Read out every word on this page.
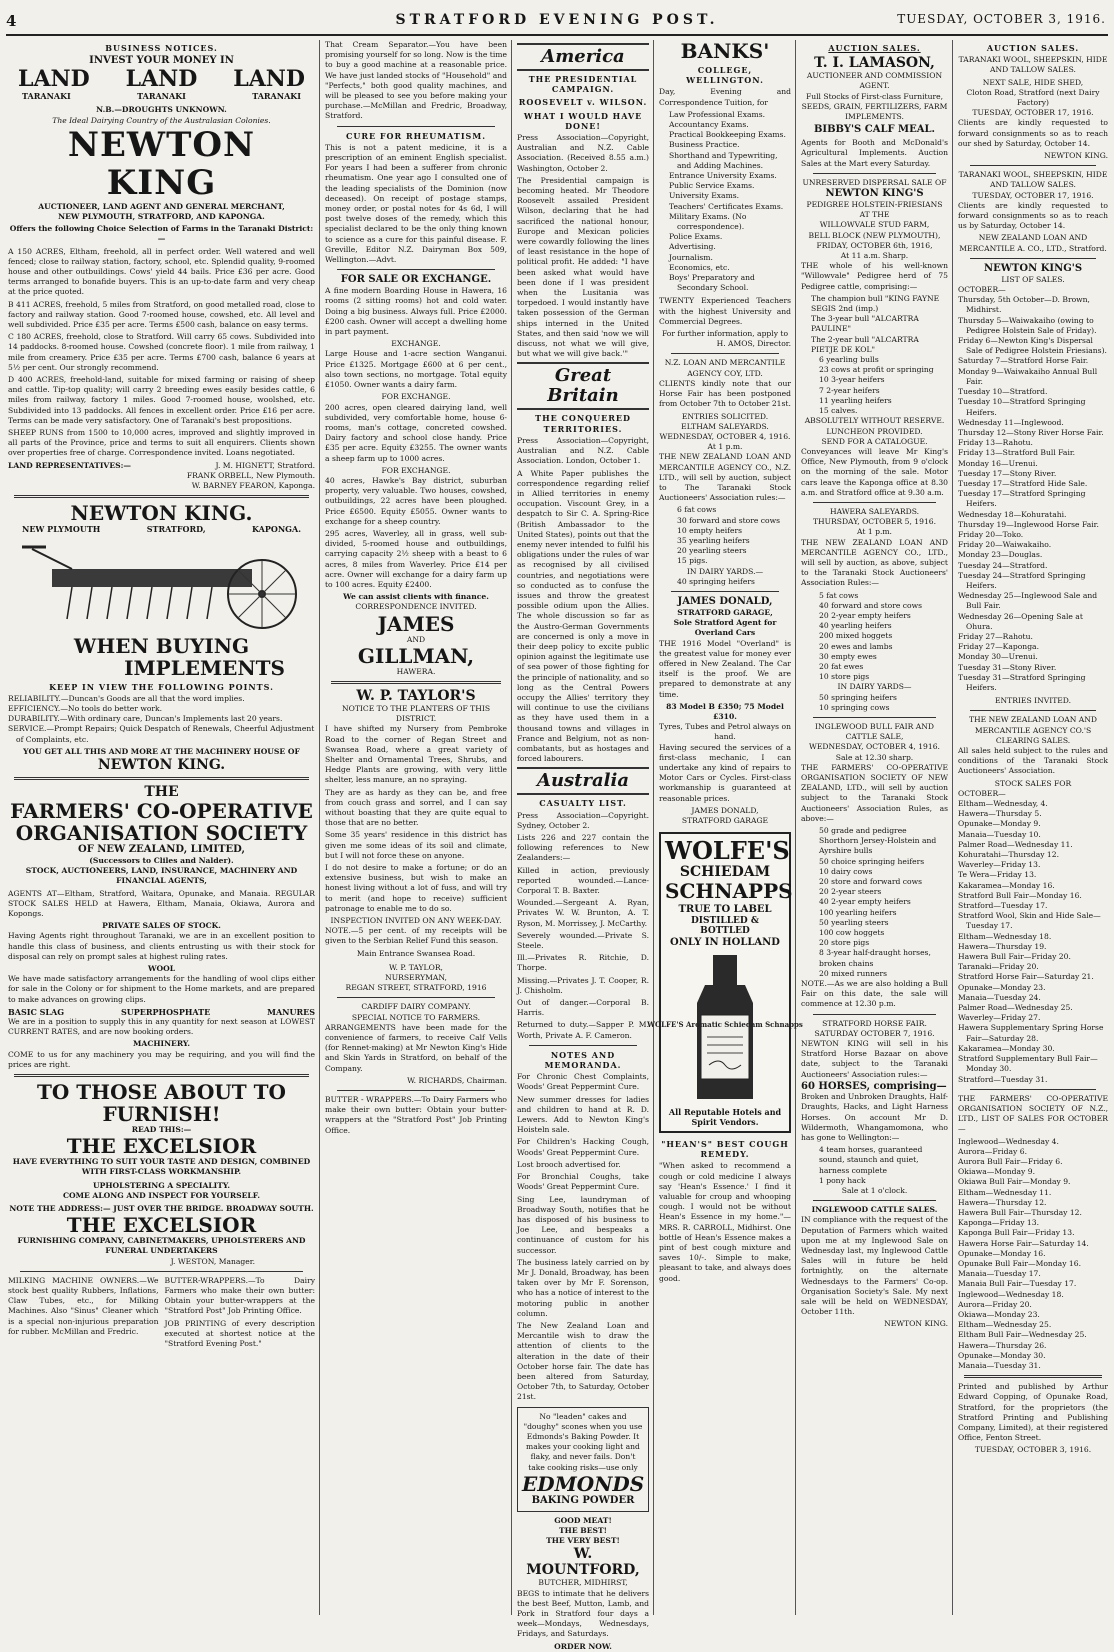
4	STRATFORD EVENING POST.	TUESDAY, OCTOBER 3, 1916.
BUSINESS NOTICES.
INVEST YOUR MONEY IN
LAND LAND LAND
TARANAKI	TARANAKI	TARANAKI
N.B.—DROUGHTS UNKNOWN.
The Ideal Dairying Country of the Australasian Colonies.
NEWTON KING
AUCTIONEER, LAND AGENT AND GENERAL MERCHANT,
NEW PLYMOUTH, STRATFORD, AND KAPONGA.
Offers the following Choice Selection of Farms in the Taranaki District:—
A 150 ACRES, Eltham, freehold, all in perfect order. Well watered and well fenced; close to railway station, factory, school, etc. Splendid quality, 9-roomed house and other outbuildings. Cows' yield 44 bails. Price £36 per acre. Good terms arranged to bonafide buyers. This is an up-to-date farm and very cheap at the price quoted.
B 411 ACRES, freehold, 5 miles from Stratford, on good metalled road, close to factory and railway station. Good 7-roomed house, cowshed, etc. All level and well subdivided. Price £35 per acre. Terms £500 cash, balance on easy terms.
C 180 ACRES, freehold, close to Stratford. Will carry 65 cows. Subdivided into 14 paddocks. 8-roomed house. Cowshed (concrete floor). 1 mile from railway, 1 mile from creamery. Price £35 per acre. Terms £700 cash, balance 6 years at 5½ per cent. Our strongly recommend.
D 400 ACRES, freehold-land, suitable for mixed farming or raising of sheep and cattle. Tip-top quality; will carry 2 breeding ewes easily besides cattle, 6 miles from railway, factory 1 miles. Good 7-roomed house, woolshed, etc. Subdivided into 13 paddocks. All fences in excellent order. Price £16 per acre. Terms can be made very satisfactory. One of Taranaki's best propositions.
SHEEP RUNS from 1500 to 10,000 acres, improved and slightly improved in all parts of the Province, price and terms to suit all enquirers. Clients shown over properties free of charge. Correspondence invited. Loans negotiated.
LAND REPRESENTATIVES:—	J. M. HIGNETT, Stratford.
FRANK ORBELL, New Plymouth.
W. BARNEY FEARON, Kaponga.
NEWTON KING.
NEW PLYMOUTH	STRATFORD,	KAPONGA.
WHEN BUYING
IMPLEMENTS
KEEP IN VIEW THE FOLLOWING POINTS.
RELIABILITY.—Duncan's Goods are all that the word implies.
EFFICIENCY.—No tools do better work.
DURABILITY.—With ordinary care, Duncan's Implements last 20 years.
SERVICE.—Prompt Repairs; Quick Despatch of Renewals, Cheerful Adjustment of Complaints, etc.
YOU GET ALL THIS AND MORE AT THE MACHINERY HOUSE OF
NEWTON KING.
THE
FARMERS' CO-OPERATIVE
ORGANISATION SOCIETY
OF NEW ZEALAND, LIMITED,
(Successors to Cliles and Nalder).
STOCK, AUCTIONEERS, LAND, INSURANCE, MACHINERY AND FINANCIAL AGENTS,
AGENTS AT—Eltham, Stratford, Waitara, Opunake, and Manaia. REGULAR STOCK SALES HELD at Hawera, Eltham, Manaia, Okiawa, Aurora and Kopongs.
PRIVATE SALES OF STOCK.
Having Agents right throughout Taranaki, we are in an excellent position to handle this class of business, and clients entrusting us with their stock for disposal can rely on prompt sales at highest ruling rates.
WOOL
We have made satisfactory arrangements for the handling of wool clips either for sale in the Colony or for shipment to the Home markets, and are prepared to make advances on growing clips.
BASIC SLAG	SUPERPHOSPHATE	MANURES
We are in a position to supply this in any quantity for next season at LOWEST CURRENT RATES, and are now booking orders.
MACHINERY.
COME to us for any machinery you may be requiring, and you will find the prices are right.
TO THOSE ABOUT TO
FURNISH!
READ THIS:—
THE EXCELSIOR
HAVE EVERYTHING TO SUIT YOUR TASTE AND DESIGN, COMBINED WITH FIRST-CLASS WORKMANSHIP.
UPHOLSTERING A SPECIALITY.
COME ALONG AND INSPECT FOR YOURSELF.
NOTE THE ADDRESS:— JUST OVER THE BRIDGE. BROADWAY SOUTH.
THE EXCELSIOR
FURNISHING COMPANY, CABINETMAKERS, UPHOLSTERERS AND FUNERAL UNDERTAKERS
J. WESTON, Manager.
MILKING MACHINE OWNERS.—We stock best quality Rubbers, Inflations, Claw Tubes, etc., for Milking Machines. Also "Sinus" Cleaner which is a special non-injurious preparation for rubber. McMillan and Fredric.
BUTTER-WRAPPERS.—To Dairy Farmers who make their own butter: Obtain your butter-wrappers at the "Stratford Post" Job Printing Office.
JOB PRINTING of every description executed at shortest notice at the "Stratford Evening Post."
That Cream Separator.—You have been promising yourself for so long. Now is the time to buy a good machine at a reasonable price. We have just landed stocks of "Household" and "Perfects," both good quality machines, and will be pleased to see you before making your purchase.—McMillan and Fredric, Broadway, Stratford.
CURE FOR RHEUMATISM.
This is not a patent medicine, it is a prescription of an eminent English specialist. For years I had been a sufferer from chronic rheumatism. One year ago I consulted one of the leading specialists of the Dominion (now deceased). On receipt of postage stamps, money order, or postal notes for 4s 6d, I will post twelve doses of the remedy, which this specialist declared to be the only thing known to science as a cure for this painful disease. F. Greville, Editor N.Z. Dairyman Box 509, Wellington.—Advt.
FOR SALE OR EXCHANGE.
A fine modern Boarding House in Hawera, 16 rooms (2 sitting rooms) hot and cold water. Doing a big business. Always full. Price £2000. £200 cash. Owner will accept a dwelling home in part payment.
EXCHANGE.
Large House and 1-acre section Wanganui. Price £1325. Mortgage £600 at 6 per cent., also town sections, no mortgage. Total equity £1050. Owner wants a dairy farm.
FOR EXCHANGE.
200 acres, open cleared dairying land, well subdivided, very comfortable home, house 6-rooms, man's cottage, concreted cowshed. Dairy factory and school close handy. Price £35 per acre. Equity £3255. The owner wants a sheep farm up to 1000 acres.
FOR EXCHANGE.
40 acres, Hawke's Bay district, suburban property, very valuable. Two houses, cowshed, outbuildings, 22 acres have been ploughed. Price £6500. Equity £5055. Owner wants to exchange for a sheep country.
295 acres, Waverley, all in grass, well sub-divided, 5-roomed house and outbuildings, carrying capacity 2½ sheep with a beast to 6 acres, 8 miles from Waverley. Price £14 per acre. Owner will exchange for a dairy farm up to 100 acres. Equity £2400.
We can assist clients with finance.
CORRESPONDENCE INVITED.
JAMES
AND
GILLMAN,
HAWERA.
W. P. TAYLOR'S
NOTICE TO THE PLANTERS OF THIS DISTRICT.
I have shifted my Nursery from Pembroke Road to the corner of Regan Street and Swansea Road, where a great variety of Shelter and Ornamental Trees, Shrubs, and Hedge Plants are growing, with very little shelter, less manure, an no spraying.
They are as hardy as they can be, and free from couch grass and sorrel, and I can say without boasting that they are quite equal to those that are no better.
Some 35 years' residence in this district has given me some ideas of its soil and climate, but I will not force these on anyone.
I do not desire to make a fortune; or do an extensive business, but wish to make an honest living without a lot of fuss, and will try to merit (and hope to receive) sufficient patronage to enable me to do so.
INSPECTION INVITED ON ANY WEEK-DAY.
NOTE.—5 per cent. of my receipts will be given to the Serbian Relief Fund this season.
Main Entrance Swansea Road.
W. P. TAYLOR,
NURSERYMAN,
REGAN STREET, STRATFORD, 1916
CARDIFF DAIRY COMPANY.
SPECIAL NOTICE TO FARMERS.
ARRANGEMENTS have been made for the convenience of farmers, to receive Calf Vells (for Rennet-making) at Mr Newton King's Hide and Skin Yards in Stratford, on behalf of the Company.
W. RICHARDS, Chairman.
BUTTER - WRAPPERS.—To Dairy Farmers who make their own butter: Obtain your butter-wrappers at the "Stratford Post" Job Printing Office.
America
THE PRESIDENTIAL CAMPAIGN.
ROOSEVELT v. WILSON.
WHAT I WOULD HAVE DONE!
Press Association—Copyright, Australian and N.Z. Cable Association. (Received 8.55 a.m.) Washington, October 2.
The Presidential campaign is becoming heated. Mr Theodore Roosevelt assailed President Wilson, declaring that he had sacrificed the national honour, Europe and Mexican policies were cowardly following the lines of least resistance in the hope of political profit. He added: "I have been asked what would have been done if I was president when the Lusitania was torpedoed. I would instantly have taken possession of the German ships interned in the United States, and then said 'now we will discuss, not what we will give, but what we will give back.'"
Great Britain
THE CONQUERED TERRITORIES.
Press Association—Copyright, Australian and N.Z. Cable Association. London, October 1.
A White Paper publishes the correspondence regarding relief in Allied territories in enemy occupation. Viscount Grey, in a despatch to Sir C. A. Spring-Rice (British Ambassador to the United States), points out that the enemy never intended to fulfil his obligations under the rules of war as recognised by all civilised countries, and negotiations were so conducted as to confuse the issues and throw the greatest possible odium upon the Allies. The whole discussion so far as the Austro-German Governments are concerned is only a move in their deep policy to excite public opinion against the legitimate use of sea power of those fighting for the principle of nationality, and so long as the Central Powers occupy the Allies' territory they will continue to use the civilians as they have used them in a thousand towns and villages in France and Belgium, not as non-combatants, but as hostages and forced labourers.
Australia
CASUALTY LIST.
Press Association—Copyright. Sydney, October 2.
Lists 226 and 227 contain the following references to New Zealanders:—
Killed in action, previously reported wounded.—Lance-Corporal T. B. Baxter.
Wounded.—Sergeant A. Ryan, Privates W. W. Brunton, A. T. Ryson, M. Morrissey, J. McCarthy.
Severely wounded.—Private S. Steele.
Ill.—Privates R. Ritchie, D. Thorpe.
Missing.—Privates J. T. Cooper, R. J. Chisholm.
Out of danger.—Corporal B. Harris.
Returned to duty.—Sapper P. M. Worth, Private A. F. Cameron.
NOTES AND MEMORANDA.
For Chronic Chest Complaints, Woods' Great Peppermint Cure.
New summer dresses for ladies and children to hand at R. D. Lewers. Add to Newton King's Hoisteln sale.
For Children's Hacking Cough, Woods' Great Peppermint Cure.
Lost brooch advertised for.
For Bronchial Coughs, take Woods' Great Peppermint Cure.
Sing Lee, laundryman of Broadway South, notifies that he has disposed of his business to Joe Lee, and bespeaks a continuance of custom for his successor.
The business lately carried on by Mr J. Donald, Broadway, has been taken over by Mr F. Sorenson, who has a notice of interest to the motoring public in another column.
The New Zealand Loan and Mercantile wish to draw the attention of clients to the alteration in the date of their October horse fair. The date has been altered from Saturday, October 7th, to Saturday, October 21st.
No "leaden" cakes and "doughy" scones when you use Edmonds's Baking Powder. It makes your cooking light and flaky, and never fails. Don't take cooking risks—use only
EDMONDS
BAKING POWDER
GOOD MEAT!
THE BEST!
THE VERY BEST!
W. MOUNTFORD,
BUTCHER, MIDHIRST,
BEGS to intimate that he delivers the best Beef, Mutton, Lamb, and Pork in Stratford four days a week—Mondays, Wednesdays, Fridays, and Saturdays.
ORDER NOW.
BANKS'
COLLEGE, WELLINGTON.
Day, Evening and Correspondence Tuition, for
Law Professional Exams.
Accountancy Exams.
Practical Bookkeeping Exams.
Business Practice.
Shorthand and Typewriting, and Adding Machines.
Entrance University Exams.
Public Service Exams.
University Exams.
Teachers' Certificates Exams.
Military Exams. (No correspondence).
Police Exams.
Advertising.
Journalism.
Economics, etc.
Boys' Preparatory and Secondary School.
TWENTY Experienced Teachers with the highest University and Commercial Degrees.
For further information, apply to
H. AMOS, Director.
N.Z. LOAN AND MERCANTILE AGENCY COY, LTD.
CLIENTS kindly note that our Horse Fair has been postponed from October 7th to October 21st.
ENTRIES SOLICITED.
ELTHAM SALEYARDS.
WEDNESDAY, OCTOBER 4, 1916.
At 1 p.m.
THE NEW ZEALAND LOAN AND MERCANTILE AGENCY CO., N.Z. LTD., will sell by auction, subject to The Taranaki Stock Auctioneers' Association rules:—
6 fat cows
30 forward and store cows
10 empty heifers
35 yearling heifers
20 yearling steers
15 pigs.
IN DAIRY YARDS.—
40 springing heifers
JAMES DONALD,
STRATFORD GARAGE,
Sole Stratford Agent for Overland Cars
THE 1916 Model "Overland" is the greatest value for money ever offered in New Zealand. The Car itself is the proof. We are prepared to demonstrate at any time.
83 Model B £350; 75 Model £310.
Tyres, Tubes and Petrol always on hand.
Having secured the services of a first-class mechanic, I can undertake any kind of repairs to Motor Cars or Cycles. First-class workmanship is guaranteed at reasonable prices.
JAMES DONALD,
STRATFORD GARAGE
WOLFE'S
SCHIEDAM
SCHNAPPS
TRUE TO LABEL
DISTILLED & BOTTLED
ONLY IN HOLLAND
WOLFE'S Aromatic Schiedam Schnapps
All Reputable Hotels and Spirit Vendors.
"HEAN'S" BEST COUGH REMEDY.
"When asked to recommend a cough or cold medicine I always say 'Hean's Essence.' I find it valuable for croup and whooping cough. I would not be without Hean's Essence in my home."—MRS. R. CARROLL, Midhirst. One bottle of Hean's Essence makes a pint of best cough mixture and saves 10/-. Simple to make, pleasant to take, and always does good.
AUCTION SALES.
T. I. LAMASON,
AUCTIONEER AND COMMISSION AGENT.
Full Stocks of First-class Furniture, SEEDS, GRAIN, FERTILIZERS, FARM IMPLEMENTS.
BIBBY'S CALF MEAL.
Agents for Booth and McDonald's Agricultural Implements. Auction Sales at the Mart every Saturday.
UNRESERVED DISPERSAL SALE OF
NEWTON KING'S
PEDIGREE HOLSTEIN-FRIESIANS
AT THE
WILLOWVALE STUD FARM,
BELL BLOCK (NEW PLYMOUTH),
FRIDAY, OCTOBER 6th, 1916,
At 11 a.m. Sharp.
THE whole of his well-known "Willowvale" Pedigree herd of 75 Pedigree cattle, comprising:—
The champion bull "KING FAYNE SEGIS 2nd (imp.)
The 3-year bull "ALCARTRA PAULINE"
The 2-year bull "ALCARTRA PIETJE DE KOL"
6 yearling bulls
23 cows at profit or springing
10 3-year heifers
7 2-year heifers
11 yearling heifers
15 calves.
ABSOLUTELY WITHOUT RESERVE.
LUNCHEON PROVIDED.
SEND FOR A CATALOGUE.
Conveyances will leave Mr King's Office, New Plymouth, from 9 o'clock on the morning of the sale. Motor cars leave the Kaponga office at 8.30 a.m. and Stratford office at 9.30 a.m.
HAWERA SALEYARDS.
THURSDAY, OCTOBER 5, 1916.
At 1 p.m.
THE NEW ZEALAND LOAN AND MERCANTILE AGENCY CO., LTD., will sell by auction, as above, subject to the Taranaki Stock Auctioneers' Association Rules:—
5 fat cows
40 forward and store cows
20 2-year empty heifers
40 yearling heifers
200 mixed hoggets
20 ewes and lambs
30 empty ewes
20 fat ewes
10 store pigs
IN DAIRY YARDS—
50 springing heifers
10 springing cows
INGLEWOOD BULL FAIR AND CATTLE SALE,
WEDNESDAY, OCTOBER 4, 1916.
Sale at 12.30 sharp.
THE FARMERS' CO-OPERATIVE ORGANISATION SOCIETY OF NEW ZEALAND, LTD., will sell by auction subject to the Taranaki Stock Auctioneers' Association Rules, as above:—
50 grade and pedigree Shorthorn Jersey-Holstein and Ayrshire bulls
50 choice springing heifers
10 dairy cows
20 store and forward cows
20 2-year steers
40 2-year empty heifers
100 yearling heifers
50 yearling steers
100 cow hoggets
20 store pigs
8 3-year half-draught horses, broken chains
20 mixed runners
NOTE.—As we are also holding a Bull Fair on this date, the sale will commence at 12.30 p.m.
STRATFORD HORSE FAIR.
SATURDAY OCTOBER 7, 1916.
NEWTON KING will sell in his Stratford Horse Bazaar on above date, subject to the Taranaki Auctioneers' Association rules:—
60 HORSES, comprising—
Broken and Unbroken Draughts, Half-Draughts, Hacks, and Light Harness Horses. On account Mr D. Wildermoth, Whangamomona, who has gone to Wellington:—
4 team horses, guaranteed sound, staunch and quiet, harness complete
1 pony hack
Sale at 1 o'clock.
INGLEWOOD CATTLE SALES.
IN compliance with the request of the Deputation of Farmers which waited upon me at my Inglewood Sale on Wednesday last, my Inglewood Cattle Sales will in future be held fortnightly, on the alternate Wednesdays to the Farmers' Co-op. Organisation Society's Sale. My next sale will be held on WEDNESDAY, October 11th.
NEWTON KING.
AUCTION SALES.
TARANAKI WOOL, SHEEPSKIN, HIDE AND TALLOW SALES.
NEXT SALE, HIDE SHED,
Cloton Road, Stratford (next Dairy Factory)
TUESDAY, OCTOBER 17, 1916.
Clients are kindly requested to forward consignments so as to reach our shed by Saturday, October 14.
NEWTON KING.
TARANAKI WOOL, SHEEPSKIN, HIDE AND TALLOW SALES.
TUESDAY, OCTOBER 17, 1916.
Clients are kindly requested to forward consignments so as to reach us by Saturday, October 14.
NEW ZEALAND LOAN AND MERCANTILE A. CO., LTD., Stratford.
NEWTON KING'S
LIST OF SALES.
OCTOBER—
Thursday, 5th October—D. Brown, Midhirst.
Thursday 5—Waiwakaiho (owing to Pedigree Holstein Sale of Friday).
Friday 6—Newton King's Dispersal Sale of Pedigree Holstein Friesians).
Saturday 7—Stratford Horse Fair.
Monday 9—Waiwakaiho Annual Bull Fair.
Tuesday 10—Stratford.
Tuesday 10—Stratford Springing Heifers.
Wednesday 11—Inglewood.
Thursday 12—Stony River Horse Fair.
Friday 13—Rahotu.
Friday 13—Stratford Bull Fair.
Monday 16—Urenui.
Tuesday 17—Stony River.
Tuesday 17—Stratford Hide Sale.
Tuesday 17—Stratford Springing Heifers.
Wednesday 18—Kohuratahi.
Thursday 19—Inglewood Horse Fair.
Friday 20—Toko.
Friday 20—Waiwakaiho.
Monday 23—Douglas.
Tuesday 24—Stratford.
Tuesday 24—Stratford Springing Heifers.
Wednesday 25—Inglewood Sale and Bull Fair.
Wednesday 26—Opening Sale at Ohura.
Friday 27—Rahotu.
Friday 27—Kaponga.
Monday 30—Urenui.
Tuesday 31—Stony River.
Tuesday 31—Stratford Springing Heifers.
ENTRIES INVITED.
THE NEW ZEALAND LOAN AND MERCANTILE AGENCY CO.'S CLEARING SALES.
All sales held subject to the rules and conditions of the Taranaki Stock Auctioneers' Association.
STOCK SALES FOR
OCTOBER—
Eltham—Wednesday, 4.
Hawera—Thursday 5.
Opunake—Monday 9.
Manaia—Tuesday 10.
Palmer Road—Wednesday 11.
Kohuratahi—Thursday 12.
Waverley—Friday 13.
Te Wera—Friday 13.
Kakaramea—Monday 16.
Stratford Bull Fair—Monday 16.
Stratford—Tuesday 17.
Stratford Wool, Skin and Hide Sale—Tuesday 17.
Eltham—Wednesday 18.
Hawera—Thursday 19.
Hawera Bull Fair—Friday 20.
Taranaki—Friday 20.
Stratford Horse Fair—Saturday 21.
Opunake—Monday 23.
Manaia—Tuesday 24.
Palmer Road—Wednesday 25.
Waverley—Friday 27.
Hawera Supplementary Spring Horse Fair—Saturday 28.
Kakaramea—Monday 30.
Stratford Supplementary Bull Fair—Monday 30.
Stratford—Tuesday 31.
THE FARMERS' CO-OPERATIVE ORGANISATION SOCIETY OF N.Z., LTD., LIST OF SALES FOR OCTOBER—
Inglewood—Wednesday 4.
Aurora—Friday 6.
Aurora Bull Fair—Friday 6.
Okiawa—Monday 9.
Okiawa Bull Fair—Monday 9.
Eltham—Wednesday 11.
Hawera—Thursday 12.
Hawera Bull Fair—Thursday 12.
Kaponga—Friday 13.
Kaponga Bull Fair—Friday 13.
Hawera Horse Fair—Saturday 14.
Opunake—Monday 16.
Opunake Bull Fair—Monday 16.
Manaia—Tuesday 17.
Manaia Bull Fair—Tuesday 17.
Inglewood—Wednesday 18.
Aurora—Friday 20.
Okiawa—Monday 23.
Eltham—Wednesday 25.
Eltham Bull Fair—Wednesday 25.
Hawera—Thursday 26.
Opunake—Monday 30.
Manaia—Tuesday 31.
Printed and published by Arthur Edward Copping, of Opunake Road, Stratford, for the proprietors (the Stratford Printing and Publishing Company, Limited), at their registered Office, Fenton Street.
TUESDAY, OCTOBER 3, 1916.
